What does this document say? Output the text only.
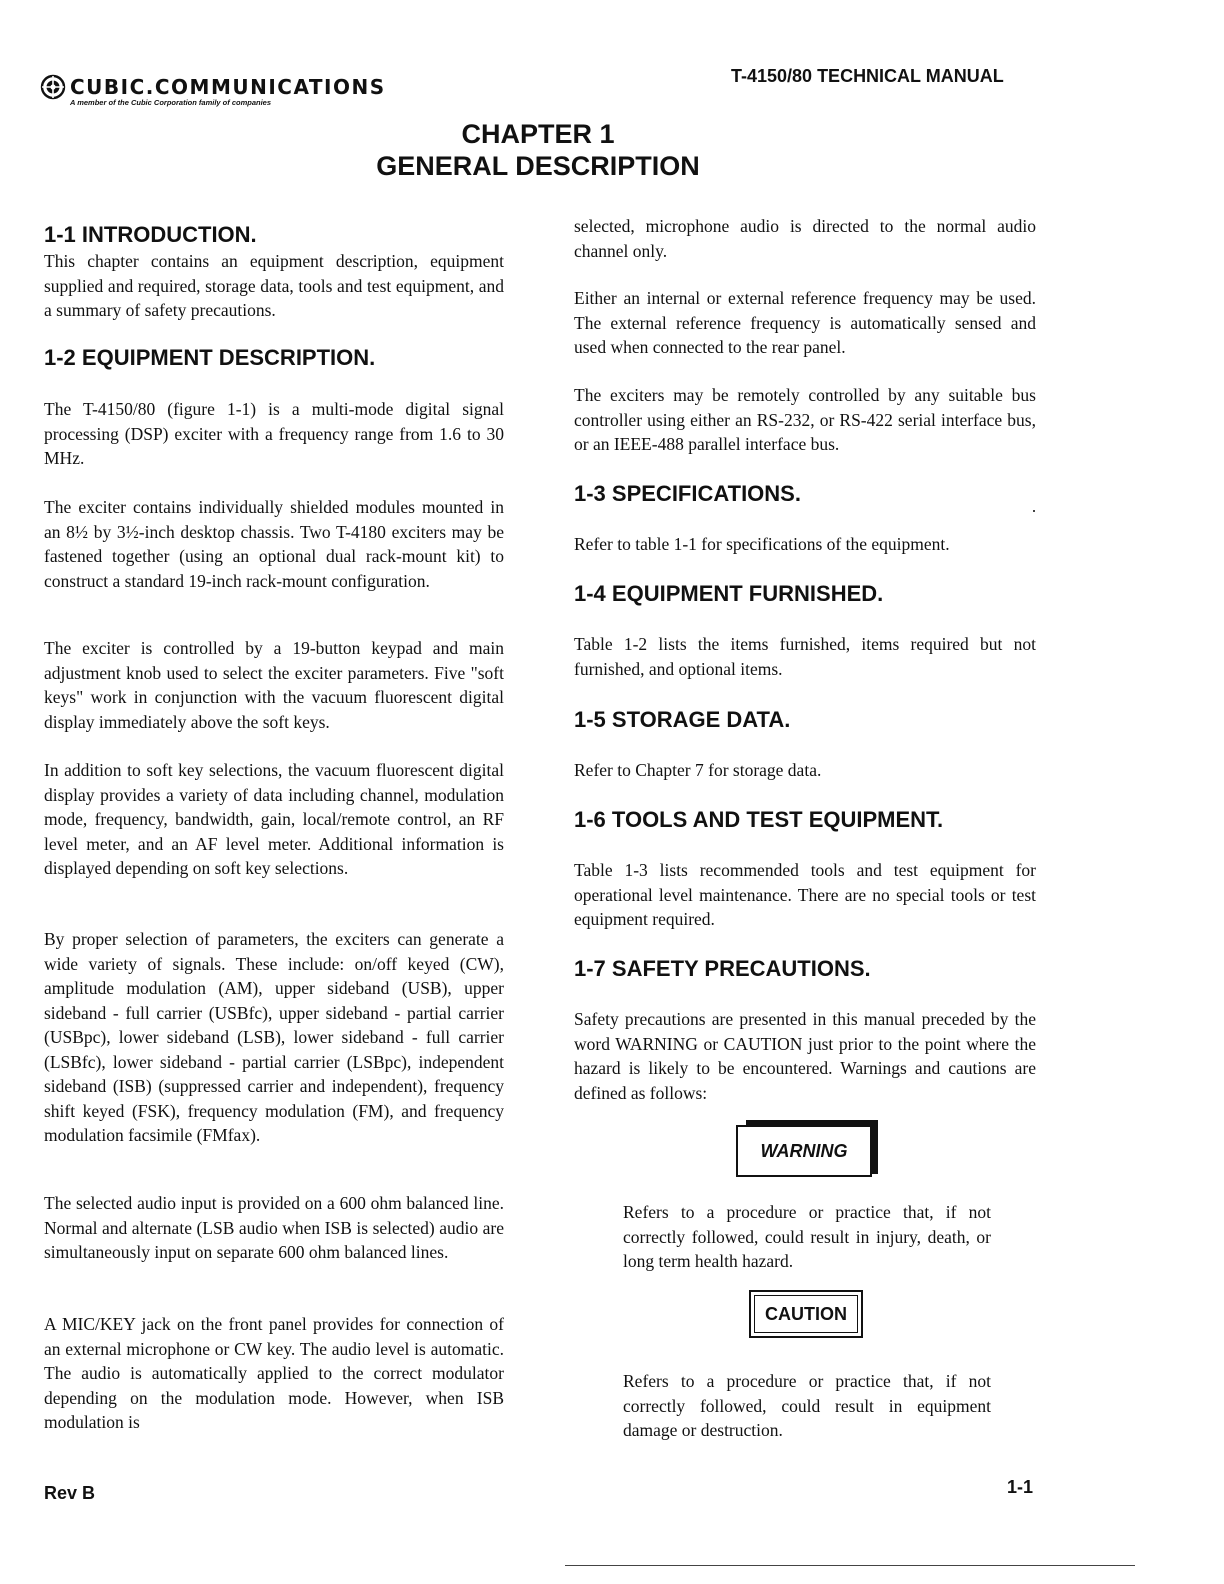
CUBIC.COMMUNICATIONS
A member of the Cubic Corporation family of companies
T-4150/80 TECHNICAL MANUAL
CHAPTER 1
GENERAL DESCRIPTION
1-1 INTRODUCTION.

This chapter contains an equipment description, equipment supplied and required, storage data, tools and test equipment, and a summary of safety precautions.

1-2 EQUIPMENT DESCRIPTION.

The T-4150/80 (figure 1-1) is a multi-mode digital signal processing (DSP) exciter with a frequency range from 1.6 to 30 MHz.

The exciter contains individually shielded modules mounted in an 8½ by 3½-inch desktop chassis. Two T-4180 exciters may be fastened together (using an optional dual rack-mount kit) to construct a standard 19-inch rack-mount configuration.

The exciter is controlled by a 19-button keypad and main adjustment knob used to select the exciter parameters. Five "soft keys" work in conjunction with the vacuum fluorescent digital display immediately above the soft keys.

In addition to soft key selections, the vacuum fluorescent digital display provides a variety of data including channel, modulation mode, frequency, bandwidth, gain, local/remote control, an RF level meter, and an AF level meter. Additional information is displayed depending on soft key selections.

By proper selection of parameters, the exciters can generate a wide variety of signals. These include: on/off keyed (CW), amplitude modulation (AM), upper sideband (USB), upper sideband - full carrier (USBfc), upper sideband - partial carrier (USBpc), lower sideband (LSB), lower sideband - full carrier (LSBfc), lower sideband - partial carrier (LSBpc), independent sideband (ISB) (suppressed carrier and independent), frequency shift keyed (FSK), frequency modulation (FM), and frequency modulation facsimile (FMfax).

The selected audio input is provided on a 600 ohm balanced line. Normal and alternate (LSB audio when ISB is selected) audio are simultaneously input on separate 600 ohm balanced lines.

A MIC/KEY jack on the front panel provides for connection of an external microphone or CW key. The audio level is automatic. The audio is automatically applied to the correct modulator depending on the modulation mode. However, when ISB modulation is

selected, microphone audio is directed to the normal audio channel only.

Either an internal or external reference frequency may be used. The external reference frequency is automatically sensed and used when connected to the rear panel.

The exciters may be remotely controlled by any suitable bus controller using either an RS-232, or RS-422 serial interface bus, or an IEEE-488 parallel interface bus.

1-3 SPECIFICATIONS.

Refer to table 1-1 for specifications of the equipment.

1-4 EQUIPMENT FURNISHED.

Table 1-2 lists the items furnished, items required but not furnished, and optional items.

1-5 STORAGE DATA.

Refer to Chapter 7 for storage data.

1-6 TOOLS AND TEST EQUIPMENT.

Table 1-3 lists recommended tools and test equipment for operational level maintenance. There are no special tools or test equipment required.

1-7 SAFETY PRECAUTIONS.

Safety precautions are presented in this manual preceded by the word WARNING or CAUTION just prior to the point where the hazard is likely to be encountered. Warnings and cautions are defined as follows:

Refers to a procedure or practice that, if not correctly followed, could result in injury, death, or long term health hazard.

Refers to a procedure or practice that, if not correctly followed, could result in equipment damage or destruction.

WARNING
CAUTION
Rev B	1-1
